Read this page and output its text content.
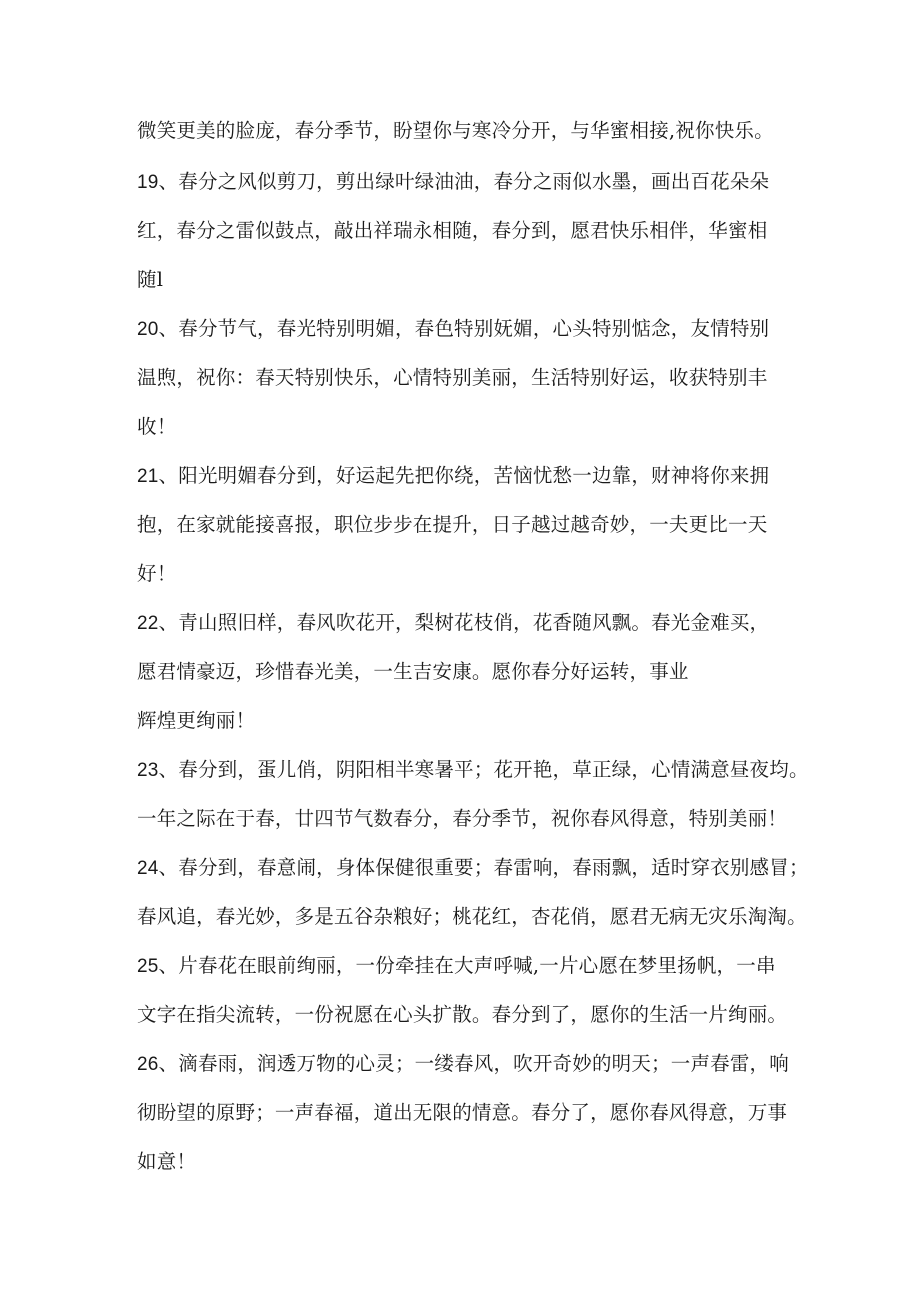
微笑更美的脸庞，春分季节，盼望你与寒冷分开，与华蜜相接,祝你快乐。
19、春分之风似剪刀，剪出绿叶绿油油，春分之雨似水墨，画出百花朵朵
红，春分之雷似鼓点，敲出祥瑞永相随，春分到，愿君快乐相伴，华蜜相
随l
20、春分节气，春光特别明媚，春色特别妩媚，心头特别惦念，友情特别
温煦，祝你：春天特别快乐，心情特别美丽，生活特别好运，收获特别丰
收！
21、阳光明媚春分到，好运起先把你绕，苦恼忧愁一边靠，财神将你来拥
抱，在家就能接喜报，职位步步在提升，日子越过越奇妙，一夫更比一天
好！
22、青山照旧样，春风吹花开，梨树花枝俏，花香随风飘。春光金难买，
愿君情豪迈，珍惜春光美，一生吉安康。愿你春分好运转，事业
辉煌更绚丽！
23、春分到，蛋儿俏，阴阳相半寒暑平；花开艳，草正绿，心情满意昼夜均。
一年之际在于春，廿四节气数春分，春分季节，祝你春风得意，特别美丽！
24、春分到，春意闹，身体保健很重要；春雷响，春雨飘，适时穿衣别感冒；
春风追，春光妙，多是五谷杂粮好；桃花红，杏花俏，愿君无病无灾乐淘淘。
25、片春花在眼前绚丽，一份牵挂在大声呼喊,一片心愿在梦里扬帆，一串
文字在指尖流转，一份祝愿在心头扩散。春分到了，愿你的生活一片绚丽。
26、滴春雨，润透万物的心灵；一缕春风，吹开奇妙的明天；一声春雷，响
彻盼望的原野；一声春福，道出无限的情意。春分了，愿你春风得意，万事
如意！
